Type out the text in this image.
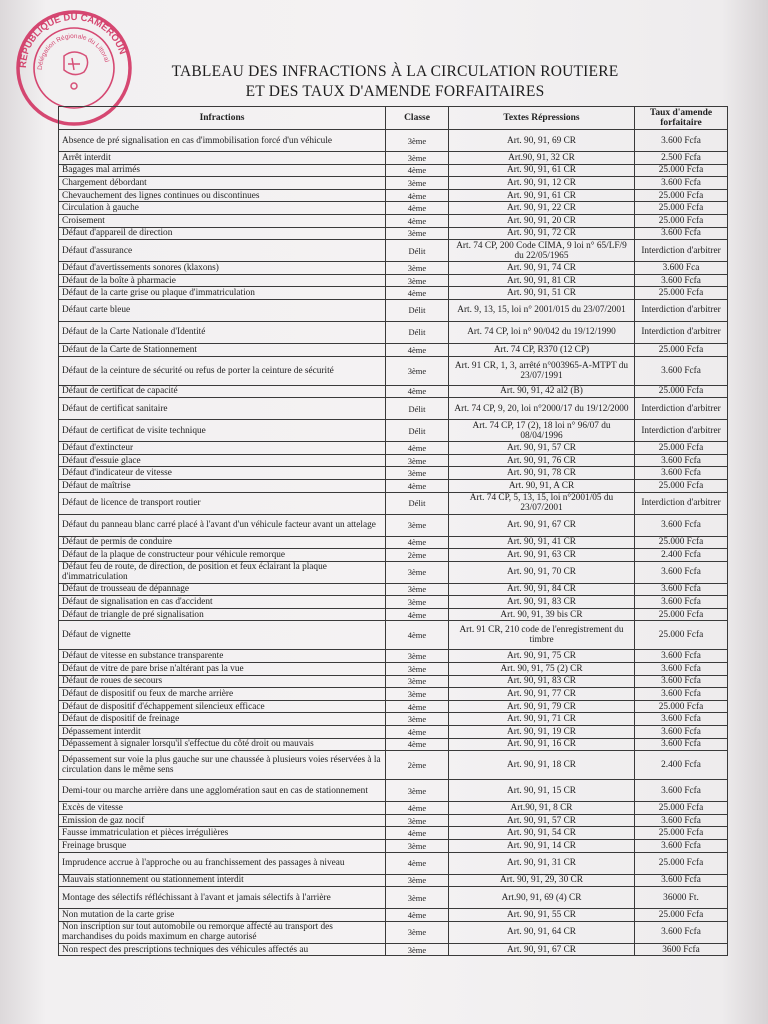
REPUBLIQUE DU CAMEROUN
Délégation Régionale du Littoral
TABLEAU DES INFRACTIONS À LA CIRCULATION ROUTIERE
ET DES TAUX D'AMENDE FORFAITAIRES
Infractions	Classe	Textes Répressions	Taux d'amende forfaitaire
Absence de pré signalisation en cas d'immobilisation forcé d'un véhicule	3ème	Art. 90, 91, 69 CR	3.600 Fcfa
Arrêt interdit	3ème	Art.90, 91, 32 CR	2.500 Fcfa
Bagages mal arrimés	4ème	Art. 90, 91, 61 CR	25.000 Fcfa
Chargement débordant	3ème	Art. 90, 91, 12 CR	3.600 Fcfa
Chevauchement des lignes continues ou discontinues	4ème	Art. 90, 91, 61 CR	25.000 Fcfa
Circulation à gauche	4ème	Art. 90, 91, 22 CR	25.000 Fcfa
Croisement	4ème	Art. 90, 91, 20 CR	25.000 Fcfa
Défaut d'appareil de direction	3ème	Art. 90, 91, 72 CR	3.600 Fcfa
Défaut d'assurance	Délit	Art. 74 CP, 200 Code CIMA, 9 loi n° 65/LF/9 du 22/05/1965	Interdiction d'arbitrer
Défaut d'avertissements sonores (klaxons)	3ème	Art. 90, 91, 74 CR	3.600 Fca
Défaut de la boîte à pharmacie	3ème	Art. 90, 91, 81 CR	3.600 Fcfa
Défaut de la carte grise ou plaque d'immatriculation	4ème	Art. 90, 91, 51 CR	25.000 Fcfa
Défaut carte bleue	Délit	Art. 9, 13, 15, loi n° 2001/015 du 23/07/2001	Interdiction d'arbitrer
Défaut de la Carte Nationale d'Identité	Délit	Art. 74 CP, loi n° 90/042 du 19/12/1990	Interdiction d'arbitrer
Défaut de la Carte de Stationnement	4ème	Art. 74 CP, R370 (12 CP)	25.000 Fcfa
Défaut de la ceinture de sécurité ou refus de porter la ceinture de sécurité	3ème	Art. 91 CR, 1, 3, arrêté n°003965-A-MTPT du 23/07/1991	3.600 Fcfa
Défaut de certificat de capacité	4ème	Art. 90, 91, 42 al2 (B)	25.000 Fcfa
Défaut de certificat sanitaire	Délit	Art. 74 CP, 9, 20, loi n°2000/17 du 19/12/2000	Interdiction d'arbitrer
Défaut de certificat de visite technique	Délit	Art. 74 CP, 17 (2), 18 loi n° 96/07 du 08/04/1996	Interdiction d'arbitrer
Défaut d'extincteur	4ème	Art. 90, 91, 57 CR	25.000 Fcfa
Défaut d'essuie glace	3ème	Art. 90, 91, 76 CR	3.600 Fcfa
Défaut d'indicateur de vitesse	3ème	Art. 90, 91, 78 CR	3.600 Fcfa
Défaut de maîtrise	4ème	Art. 90, 91, A CR	25.000 Fcfa
Défaut de licence de transport routier	Délit	Art. 74 CP, 5, 13, 15, loi n°2001/05 du 23/07/2001	Interdiction d'arbitrer
Défaut du panneau blanc carré placé à l'avant d'un véhicule facteur avant un attelage	3ème	Art. 90, 91, 67 CR	3.600 Fcfa
Défaut de permis de conduire	4ème	Art. 90, 91, 41 CR	25.000 Fcfa
Défaut de la plaque de constructeur pour véhicule remorque	2ème	Art. 90, 91, 63 CR	2.400 Fcfa
Défaut feu de route, de direction, de position et feux éclairant la plaque d'immatriculation	3ème	Art. 90, 91, 70 CR	3.600 Fcfa
Défaut de trousseau de dépannage	3ème	Art. 90, 91, 84 CR	3.600 Fcfa
Défaut de signalisation en cas d'accident	3ème	Art. 90, 91, 83 CR	3.600 Fcfa
Défaut de triangle de pré signalisation	4ème	Art. 90, 91, 39 bis CR	25.000 Fcfa
Défaut de vignette	4ème	Art. 91 CR, 210 code de l'enregistrement du timbre	25.000 Fcfa
Défaut de vitesse en substance transparente	3ème	Art. 90, 91, 75 CR	3.600 Fcfa
Défaut de vitre de pare brise n'altérant pas la vue	3ème	Art. 90, 91, 75 (2) CR	3.600 Fcfa
Défaut de roues de secours	3ème	Art. 90, 91, 83 CR	3.600 Fcfa
Défaut de dispositif ou feux de marche arrière	3ème	Art. 90, 91, 77 CR	3.600 Fcfa
Défaut de dispositif d'échappement silencieux efficace	4ème	Art. 90, 91, 79 CR	25.000 Fcfa
Défaut de dispositif de freinage	3ème	Art. 90, 91, 71 CR	3.600 Fcfa
Dépassement interdit	4ème	Art. 90, 91, 19 CR	3.600 Fcfa
Dépassement à signaler lorsqu'il s'effectue du côté droit ou mauvais	4ème	Art. 90, 91, 16 CR	3.600 Fcfa
Dépassement sur voie la plus gauche sur une chaussée à plusieurs voies réservées à la circulation dans le même sens	2ème	Art. 90, 91, 18 CR	2.400 Fcfa
Demi-tour ou marche arrière dans une agglomération saut en cas de stationnement	3ème	Art. 90, 91, 15 CR	3.600 Fcfa
Excès de vitesse	4ème	Art.90, 91, 8 CR	25.000 Fcfa
Emission de gaz nocif	3ème	Art. 90, 91, 57 CR	3.600 Fcfa
Fausse immatriculation et pièces irrégulières	4ème	Art. 90, 91, 54 CR	25.000 Fcfa
Freinage brusque	3ème	Art. 90, 91, 14 CR	3.600 Fcfa
Imprudence accrue à l'approche ou au franchissement des passages à niveau	4ème	Art. 90, 91, 31 CR	25.000 Fcfa
Mauvais stationnement ou stationnement interdit	3ème	Art. 90, 91, 29, 30 CR	3.600 Fcfa
Montage des sélectifs réfléchissant à l'avant et jamais sélectifs à l'arrière	3ème	Art.90, 91, 69 (4) CR	36000 Ft.
Non mutation de la carte grise	4ème	Art. 90, 91, 55 CR	25.000 Fcfa
Non inscription sur tout automobile ou remorque affecté au transport des marchandises du poids maximum en charge autorisé	3ème	Art. 90, 91, 64 CR	3.600 Fcfa
Non respect des prescriptions techniques des véhicules affectés au	3ème	Art. 90, 91, 67 CR	3600 Fcfa
